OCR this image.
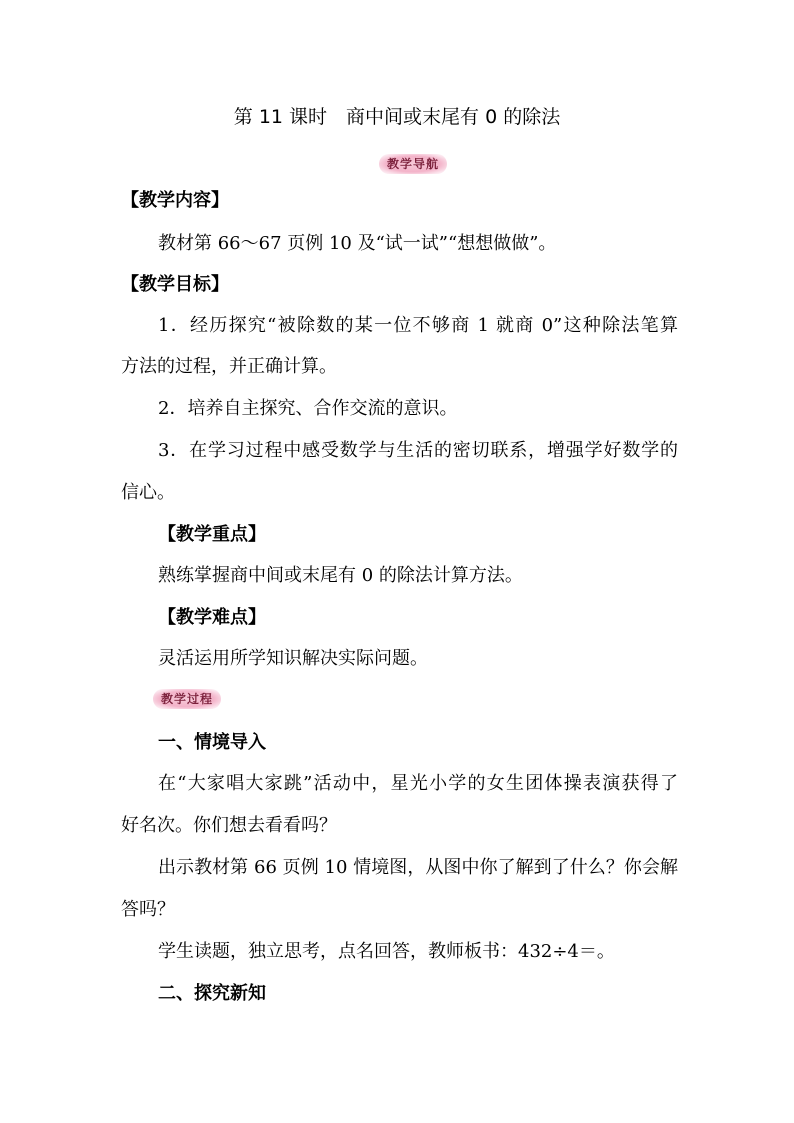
第 11 课时　商中间或末尾有 0 的除法
教学导航
【教学内容】
教材第 66～67 页例 10 及“试一试”“想想做做”。
【教学目标】
1．经历探究“被除数的某一位不够商 1 就商 0”这种除法笔算
方法的过程，并正确计算。
2．培养自主探究、合作交流的意识。
3．在学习过程中感受数学与生活的密切联系，增强学好数学的
信心。
【教学重点】
熟练掌握商中间或末尾有 0 的除法计算方法。
【教学难点】
灵活运用所学知识解决实际问题。
教学过程
一、情境导入
在“大家唱大家跳”活动中，星光小学的女生团体操表演获得了
好名次。你们想去看看吗？
出示教材第 66 页例 10 情境图，从图中你了解到了什么？你会解
答吗？
学生读题，独立思考，点名回答，教师板书：432÷4＝。
二、探究新知
